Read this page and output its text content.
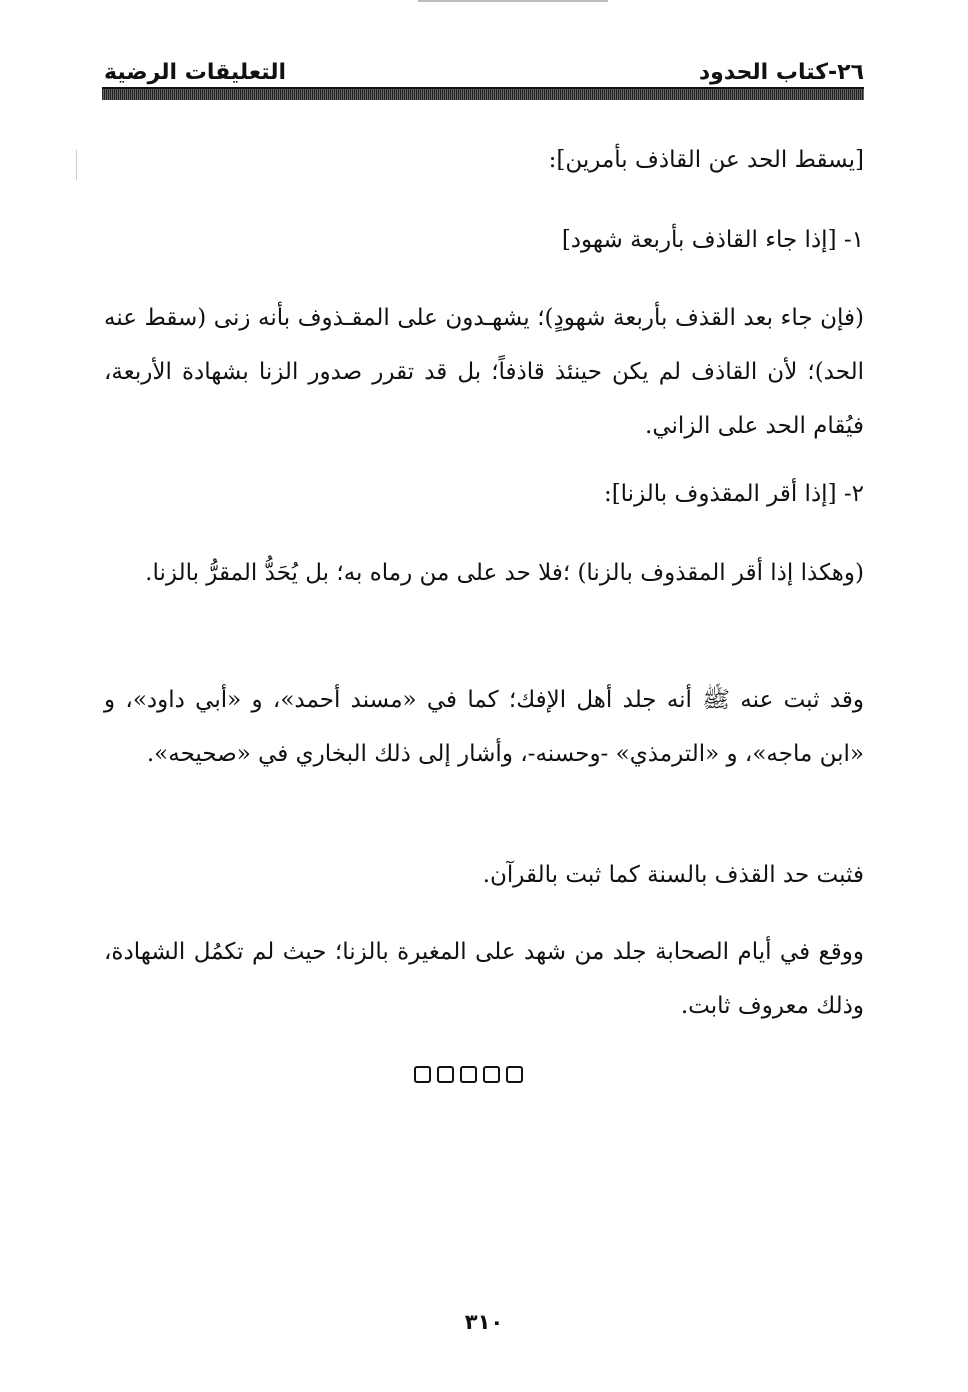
٢٦-كتاب الحدود
التعليقات الرضية

[يسقط الحد عن القاذف بأمرين]:

١- [إذا جاء القاذف بأربعة شهود]

(فإن جاء بعد القذف بأربعة شهودٍ)؛ يشهـدون على المقـذوف بأنه زنى (سقط عنه الحد)؛ لأن القاذف لم يكن حينئذ قاذفاً؛ بل قد تقرر صدور الزنا بشهادة الأربعة، فيُقام الحد على الزاني.

٢- [إذا أقر المقذوف بالزنا]:

(وهكذا إذا أقر المقذوف بالزنا) ؛فلا حد على من رماه به؛ بل يُحَدُّ المقرُّ بالزنا.

وقد ثبت عنه ﷺ أنه جلد أهل الإفك؛ كما في «مسند أحمد»، و «أبي داود»، و «ابن ماجه»، و «الترمذي» -وحسنه-، وأشار إلى ذلك البخاري في «صحيحه».

فثبت حد القذف بالسنة كما ثبت بالقرآن.

ووقع في أيام الصحابة جلد من شهد على المغيرة بالزنا؛ حيث لم تكمُل الشهادة، وذلك معروف ثابت.

٣١٠
